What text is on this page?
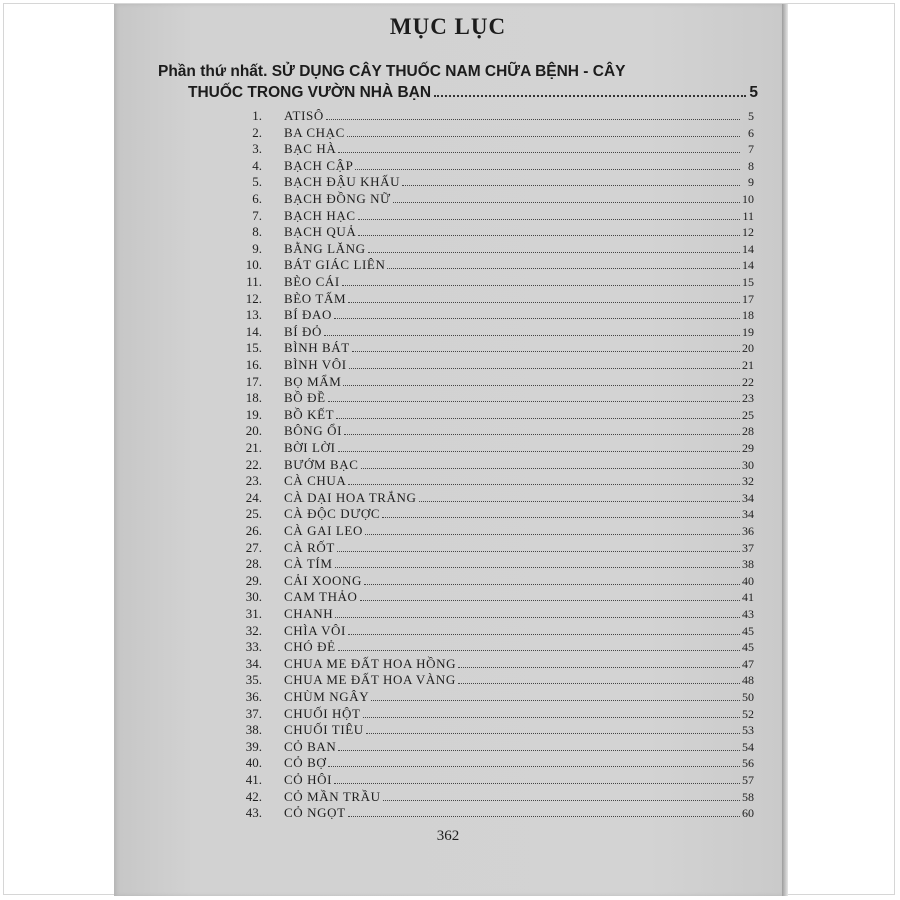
MỤC LỤC
Phần thứ nhất. SỬ DỤNG CÂY THUỐC NAM CHỮA BỆNH - CÂY
THUỐC TRONG VƯỜN NHÀ BẠN	5
1. ATISÔ	5
2. BA CHẠC	6
3. BẠC HÀ	7
4. BẠCH CẬP	8
5. BẠCH ĐẬU KHẤU	9
6. BẠCH ĐỒNG NỮ	10
7. BẠCH HẠC	11
8. BẠCH QUẢ	12
9. BẰNG LĂNG	14
10. BÁT GIÁC LIÊN	14
11. BÈO CÁI	15
12. BÈO TẤM	17
13. BÍ ĐAO	18
14. BÍ ĐỎ	19
15. BÌNH BÁT	20
16. BÌNH VÔI	21
17. BỌ MẨM	22
18. BỒ ĐỀ	23
19. BỒ KẾT	25
20. BÔNG ỔI	28
21. BỜI LỜI	29
22. BƯỚM BẠC	30
23. CÀ CHUA	32
24. CÀ DẠI HOA TRẮNG	34
25. CÀ ĐỘC DƯỢC	34
26. CÀ GAI LEO	36
27. CÀ RỐT	37
28. CÀ TÍM	38
29. CẢI XOONG	40
30. CAM THẢO	41
31. CHANH	43
32. CHÌA VÔI	45
33. CHÓ ĐẺ	45
34. CHUA ME ĐẤT HOA HỒNG	47
35. CHUA ME ĐẤT HOA VÀNG	48
36. CHÙM NGÂY	50
37. CHUỐI HỘT	52
38. CHUỐI TIÊU	53
39. CỎ BAN	54
40. CỎ BỢ	56
41. CỎ HÔI	57
42. CỎ MẦN TRẦU	58
43. CỎ NGỌT	60
362
